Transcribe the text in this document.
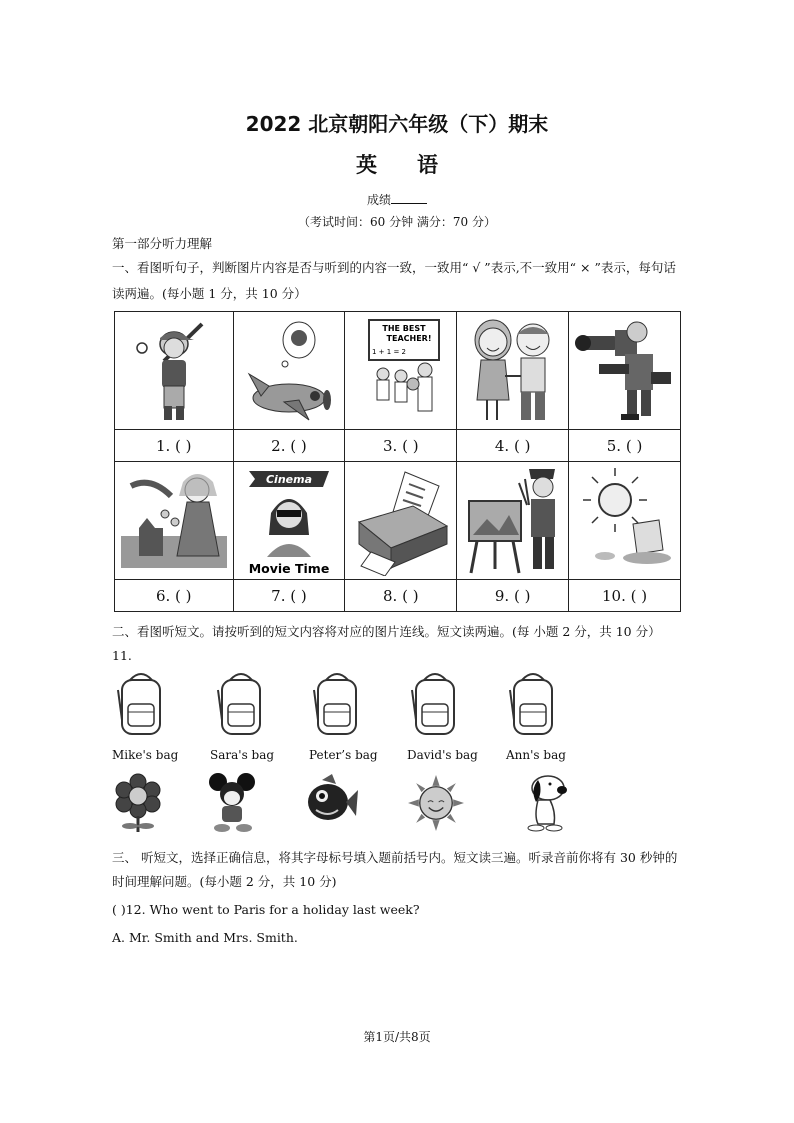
2022 北京朝阳六年级（下）期末
英语
成绩
（考试时间：60 分钟 满分：70 分）
第一部分听力理解
一、看图听句子，判断图片内容是否与听到的内容一致，一致用“ √ ”表示,不一致用“ × ”表示，每句话
读两遍。(每小题 1 分，共 10 分）

THE BEST
TEACHER!
1 + 1 = 2

1. ( )	2. ( )	3. ( )	4. ( )	5. ( )

Cinema
Movie Time

6. ( )	7. ( )	8. ( )	9. ( )	10. ( )
二、看图听短文。请按听到的短文内容将对应的图片连线。短文读两遍。(每 小题 2 分，共 10 分）
11.
Mike's bag	Sara's bag	Peter’s bag David's bag Ann's bag
三、 听短文，选择正确信息，将其字母标号填入题前括号内。短文读三遍。听录音前你将有 30 秒钟的
时间理解问题。(每小题 2 分，共 10 分)
( )12. Who went to Paris for a holiday last week?
A. Mr. Smith and Mrs. Smith.
第1页/共8页
